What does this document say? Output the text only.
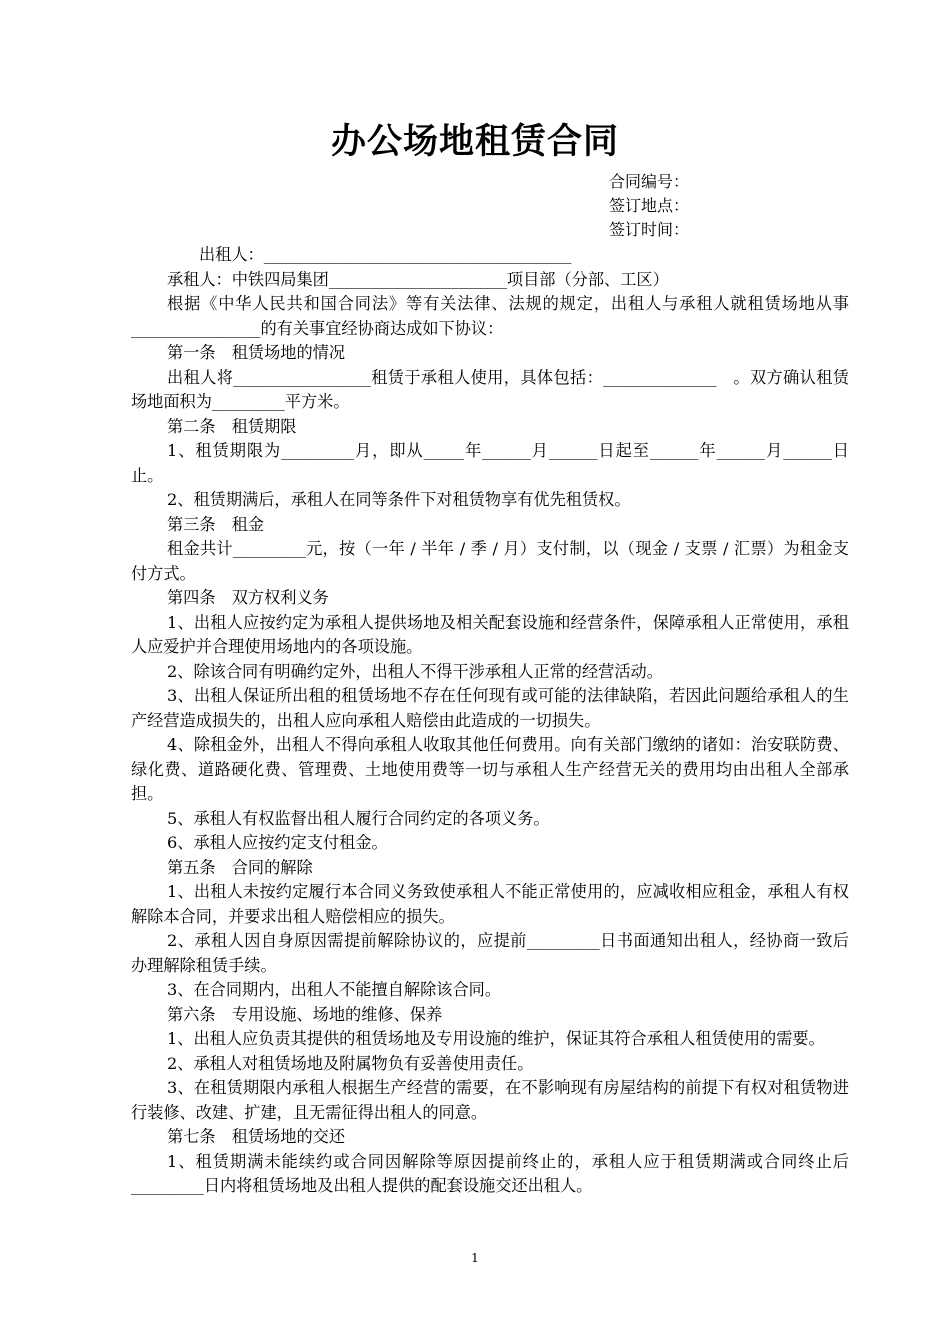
办公场地租赁合同
合同编号：
签订地点：
签订时间：

出租人：______________________________________

承租人：中铁四局集团______________________项目部（分部、工区）

根据《中华人民共和国合同法》等有关法律、法规的规定，出租人与承租人就租赁场地从事________________的有关事宜经协商达成如下协议：

第一条　租赁场地的情况

出租人将_________________租赁于承租人使用，具体包括：______________　。双方确认租赁场地面积为_________平方米。

第二条　租赁期限

1、租赁期限为_________月，即从_____年______月______日起至______年______月______日止。

2、租赁期满后，承租人在同等条件下对租赁物享有优先租赁权。

第三条　租金

租金共计_________元，按（一年 / 半年 / 季 / 月）支付制，以（现金 / 支票 / 汇票）为租金支付方式。

第四条　双方权利义务

1、出租人应按约定为承租人提供场地及相关配套设施和经营条件，保障承租人正常使用，承租人应爱护并合理使用场地内的各项设施。

2、除该合同有明确约定外，出租人不得干涉承租人正常的经营活动。

3、出租人保证所出租的租赁场地不存在任何现有或可能的法律缺陷，若因此问题给承租人的生产经营造成损失的，出租人应向承租人赔偿由此造成的一切损失。

4、除租金外，出租人不得向承租人收取其他任何费用。向有关部门缴纳的诸如：治安联防费、绿化费、道路硬化费、管理费、土地使用费等一切与承租人生产经营无关的费用均由出租人全部承担。

5、承租人有权监督出租人履行合同约定的各项义务。

6、承租人应按约定支付租金。

第五条　合同的解除

1、出租人未按约定履行本合同义务致使承租人不能正常使用的，应减收相应租金，承租人有权解除本合同，并要求出租人赔偿相应的损失。

2、承租人因自身原因需提前解除协议的，应提前_________日书面通知出租人，经协商一致后办理解除租赁手续。

3、在合同期内，出租人不能擅自解除该合同。

第六条　专用设施、场地的维修、保养

1、出租人应负责其提供的租赁场地及专用设施的维护，保证其符合承租人租赁使用的需要。

2、承租人对租赁场地及附属物负有妥善使用责任。

3、在租赁期限内承租人根据生产经营的需要，在不影响现有房屋结构的前提下有权对租赁物进行装修、改建、扩建，且无需征得出租人的同意。

第七条　租赁场地的交还

1、租赁期满未能续约或合同因解除等原因提前终止的，承租人应于租赁期满或合同终止后_________日内将租赁场地及出租人提供的配套设施交还出租人。

1
